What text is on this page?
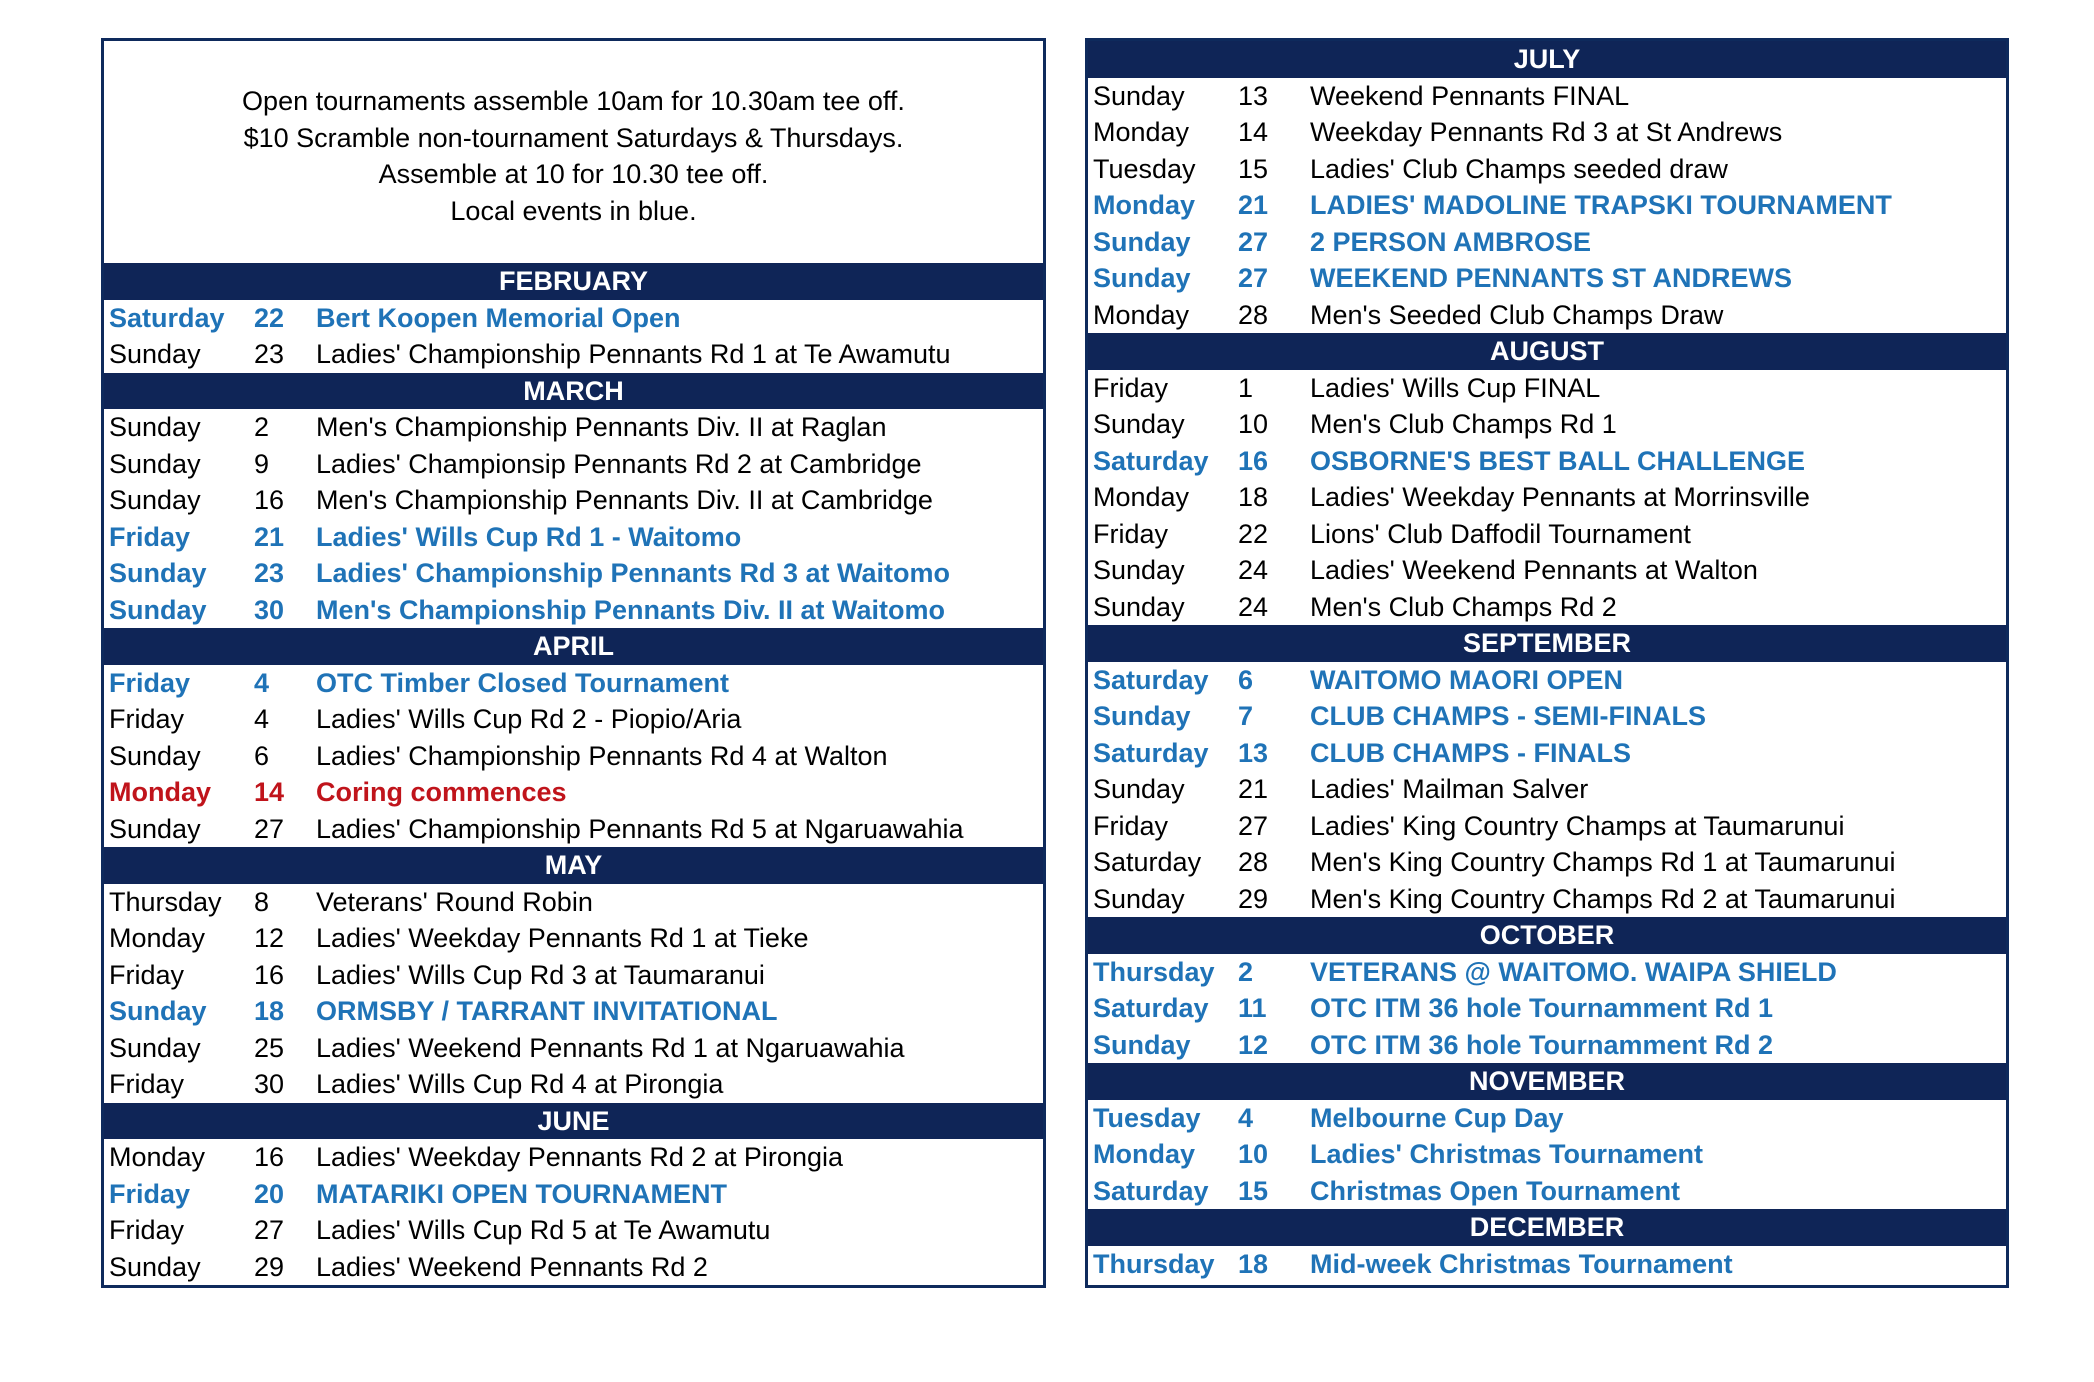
Open tournaments assemble 10am for 10.30am tee off.
$10 Scramble non-tournament Saturdays & Thursdays.
Assemble at 10 for 10.30 tee off.
Local events in blue.
FEBRUARY
Saturday	22	Bert Koopen Memorial Open
Sunday	23	Ladies' Championship Pennants Rd 1 at Te Awamutu
MARCH
Sunday	2	Men's Championship Pennants Div. II at Raglan
Sunday	9	Ladies' Championsip Pennants Rd 2 at Cambridge
Sunday	16	Men's Championship Pennants Div. II at Cambridge
Friday	21	Ladies' Wills Cup Rd 1 - Waitomo
Sunday	23	Ladies' Championship Pennants Rd 3 at Waitomo
Sunday	30	Men's Championship Pennants Div. II at Waitomo
APRIL
Friday	4	OTC Timber Closed Tournament
Friday	4	Ladies' Wills Cup Rd 2 - Piopio/Aria
Sunday	6	Ladies' Championship Pennants Rd 4 at Walton
Monday	14	Coring commences
Sunday	27	Ladies' Championship Pennants Rd 5 at Ngaruawahia
MAY
Thursday	8	Veterans' Round Robin
Monday	12	Ladies' Weekday Pennants Rd 1 at Tieke
Friday	16	Ladies' Wills Cup Rd 3 at Taumaranui
Sunday	18	ORMSBY / TARRANT INVITATIONAL
Sunday	25	Ladies' Weekend Pennants Rd 1 at Ngaruawahia
Friday	30	Ladies' Wills Cup Rd 4 at Pirongia
JUNE
Monday	16	Ladies' Weekday Pennants Rd 2 at Pirongia
Friday	20	MATARIKI OPEN TOURNAMENT
Friday	27	Ladies' Wills Cup Rd 5 at Te Awamutu
Sunday	29	Ladies' Weekend Pennants Rd 2
JULY
Sunday	13	Weekend Pennants FINAL
Monday	14	Weekday Pennants Rd 3 at St Andrews
Tuesday	15	Ladies' Club Champs seeded draw
Monday	21	LADIES' MADOLINE TRAPSKI TOURNAMENT
Sunday	27	2 PERSON AMBROSE
Sunday	27	WEEKEND PENNANTS ST ANDREWS
Monday	28	Men's Seeded Club Champs Draw
AUGUST
Friday	1	Ladies' Wills Cup FINAL
Sunday	10	Men's Club Champs Rd 1
Saturday	16	OSBORNE'S BEST BALL CHALLENGE
Monday	18	Ladies' Weekday Pennants at Morrinsville
Friday	22	Lions' Club Daffodil Tournament
Sunday	24	Ladies' Weekend Pennants at Walton
Sunday	24	Men's Club Champs Rd 2
SEPTEMBER
Saturday	6	WAITOMO MAORI OPEN
Sunday	7	CLUB CHAMPS - SEMI-FINALS
Saturday	13	CLUB CHAMPS - FINALS
Sunday	21	Ladies' Mailman Salver
Friday	27	Ladies' King Country Champs at Taumarunui
Saturday	28	Men's King Country Champs Rd 1 at Taumarunui
Sunday	29	Men's King Country Champs Rd 2 at Taumarunui
OCTOBER
Thursday 2	VETERANS @ WAITOMO. WAIPA SHIELD
Saturday	11	OTC ITM 36 hole Tournamment Rd 1
Sunday	12	OTC ITM 36 hole Tournamment Rd 2
NOVEMBER
Tuesday	4	Melbourne Cup Day
Monday	10	Ladies' Christmas Tournament
Saturday	15	Christmas Open Tournament
DECEMBER
Thursday 18	Mid-week Christmas Tournament
